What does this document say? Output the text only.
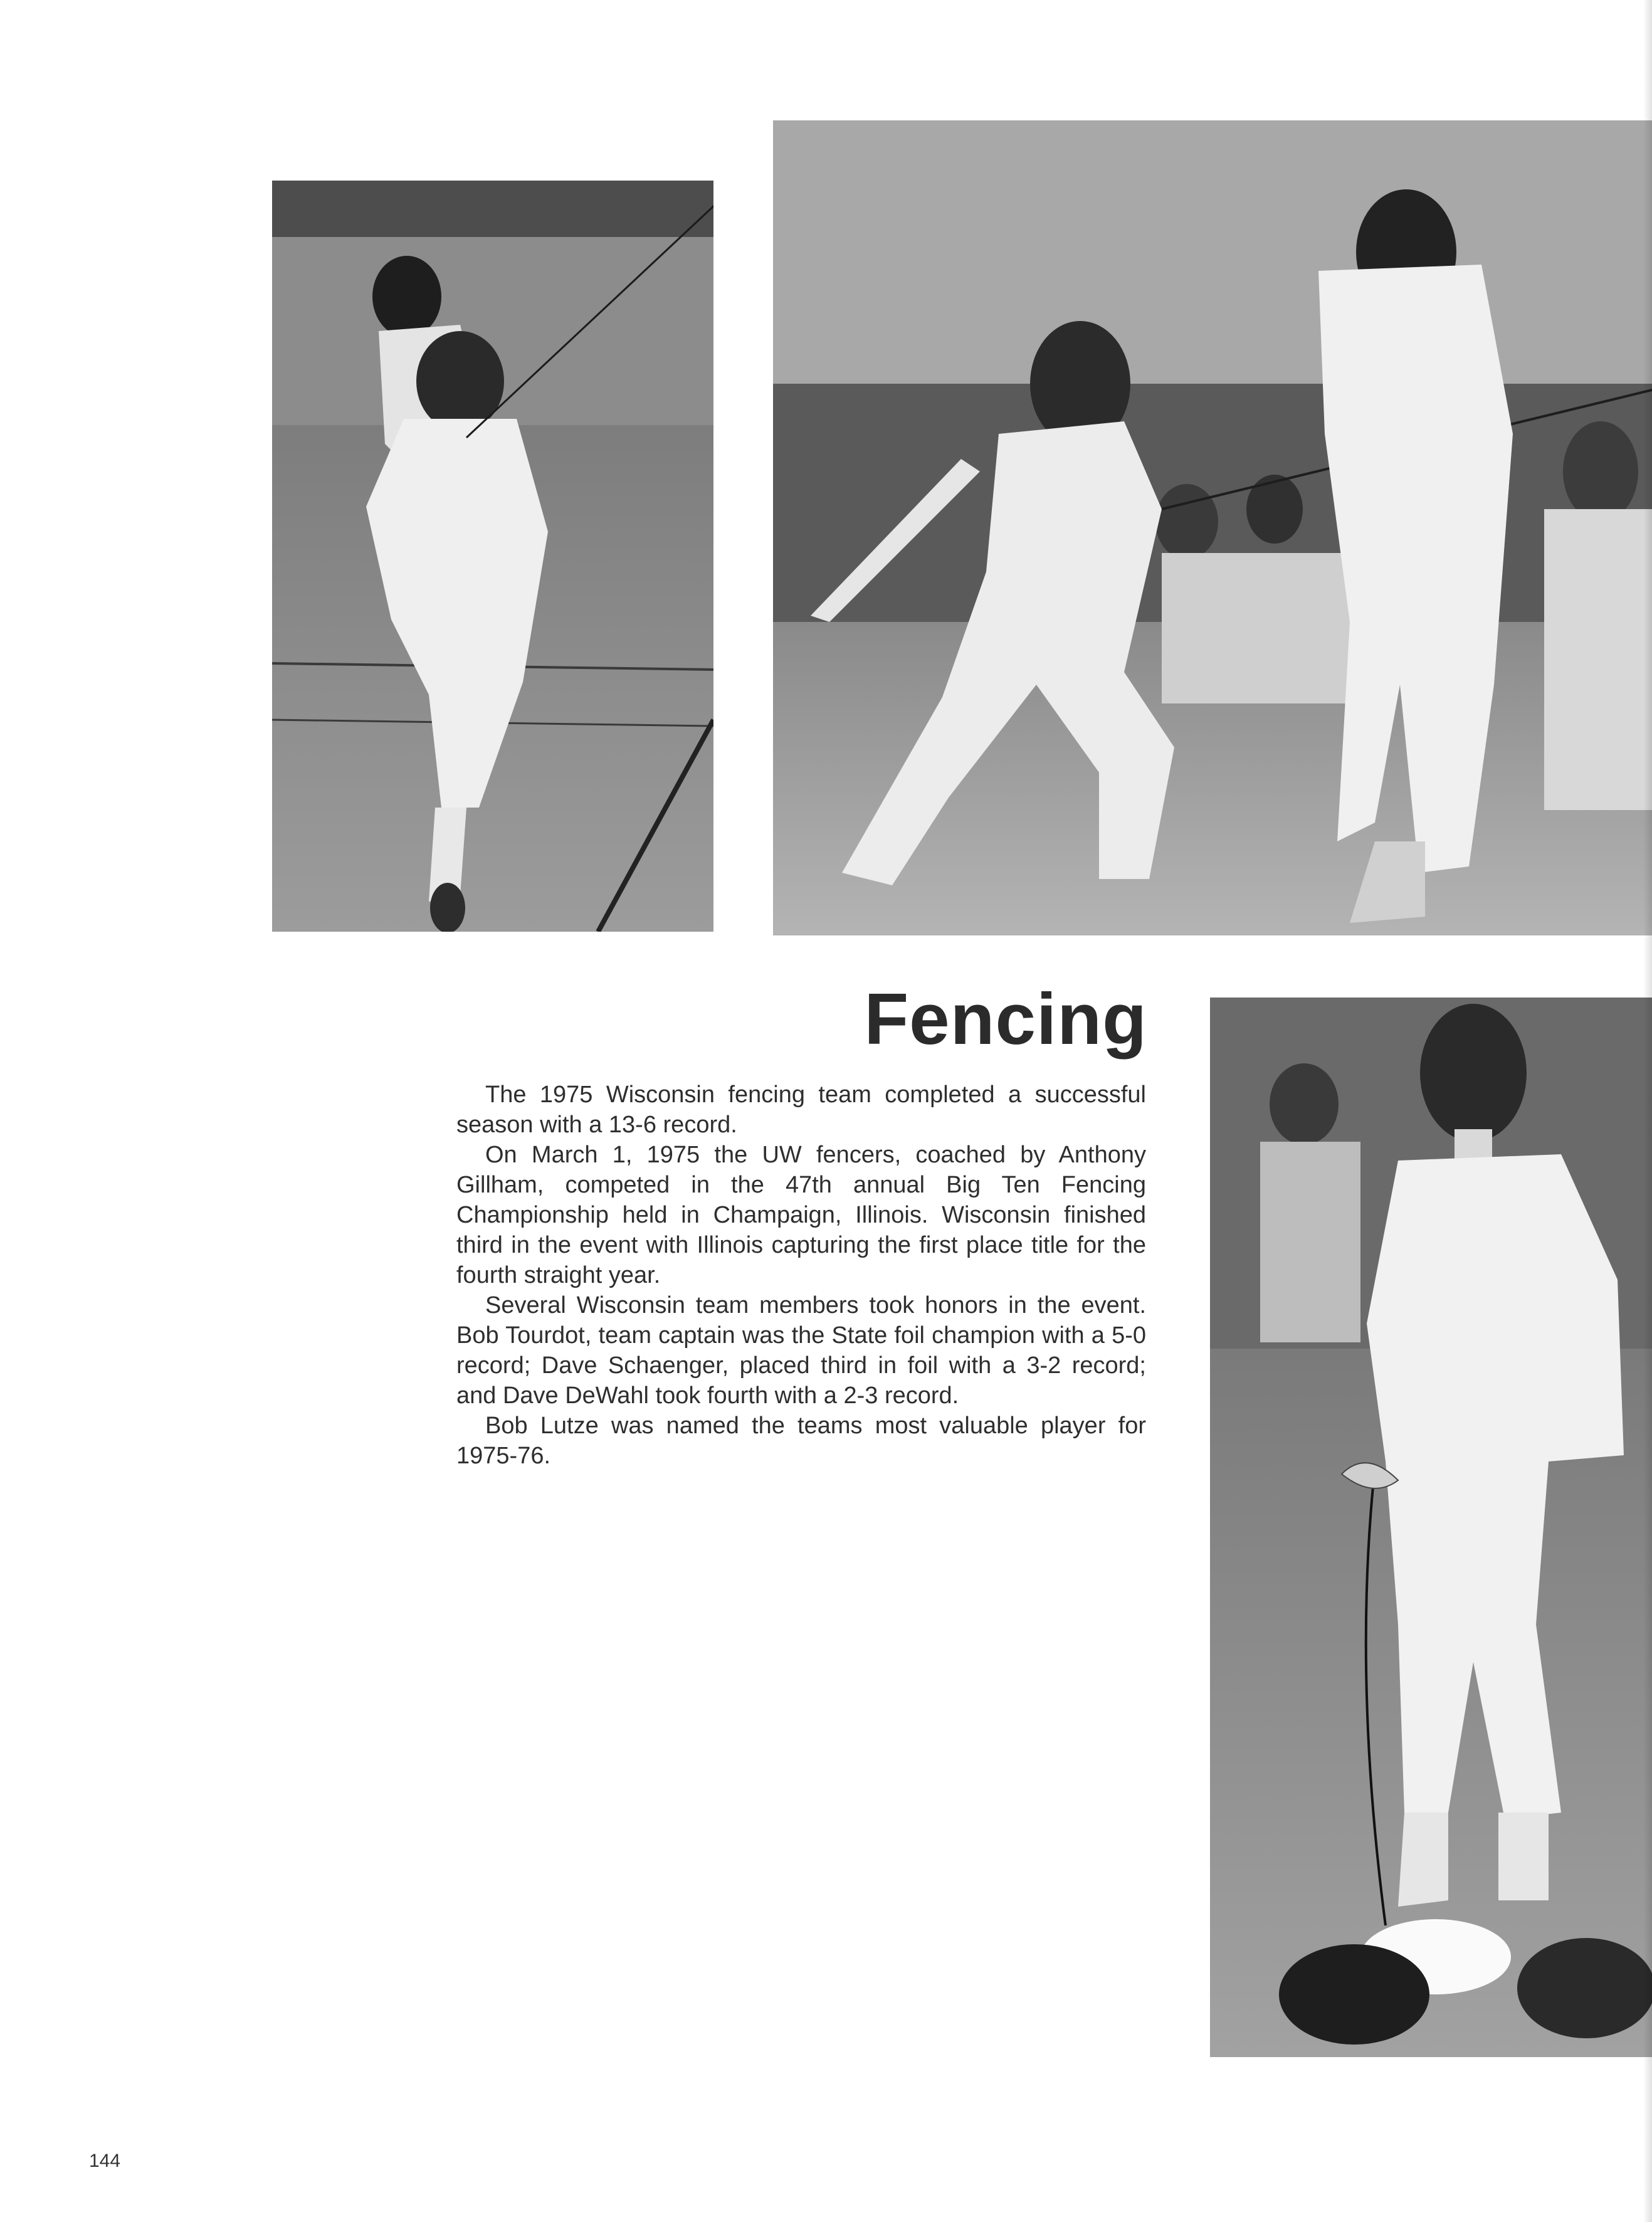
Fencing

The 1975 Wisconsin fencing team completed a successful season with a 13-6 record.

On March 1, 1975 the UW fencers, coached by Anthony Gillham, competed in the 47th annual Big Ten Fencing Championship held in Champaign, Illinois. Wisconsin finished third in the event with Illinois capturing the first place title for the fourth straight year.

Several Wisconsin team members took honors in the event. Bob Tourdot, team captain was the State foil champion with a 5-0 record; Dave Schaenger, placed third in foil with a 3-2 record; and Dave DeWahl took fourth with a 2-3 record.

Bob Lutze was named the teams most valuable player for 1975-76.

144
